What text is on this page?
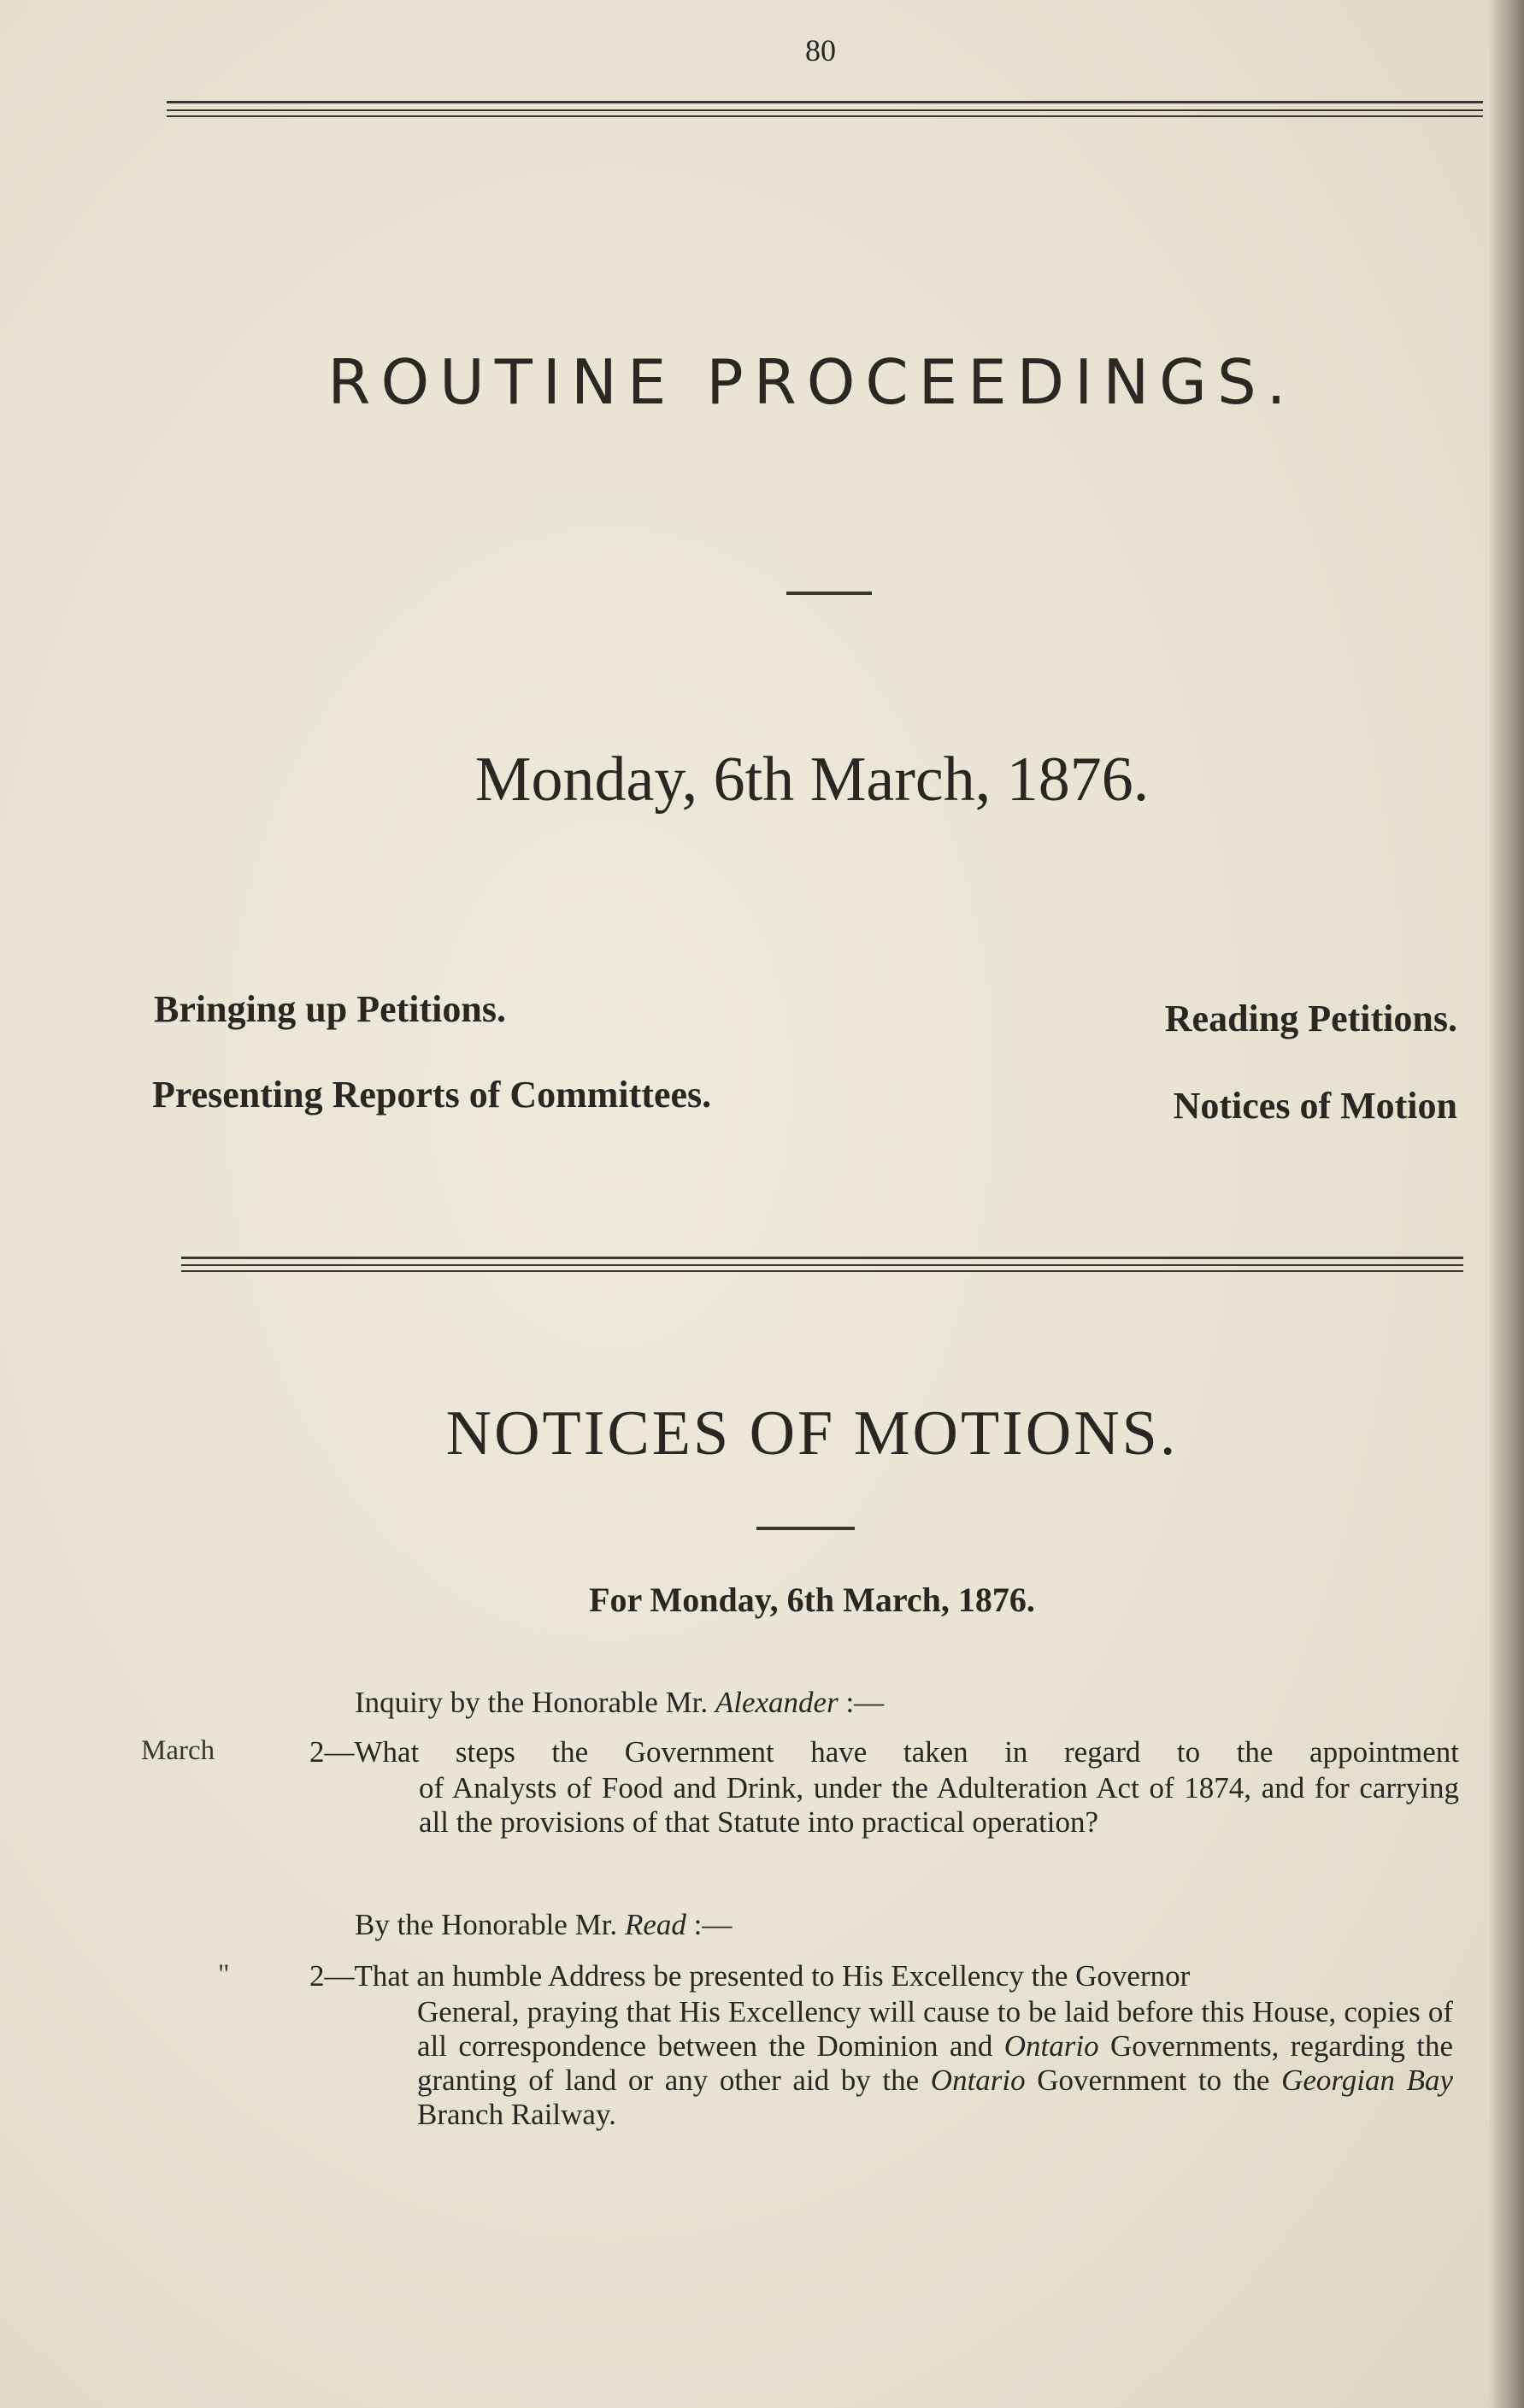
80
ROUTINE PROCEEDINGS.
Monday, 6th March, 1876.
Bringing up Petitions.	Reading Petitions.
Presenting Reports of Committees.	Notices of Motion
NOTICES OF MOTIONS.
For Monday, 6th March, 1876.
Inquiry by the Honorable Mr. Alexander :—
March	2—What steps the Government have taken in regard to the appointment
of Analysts of Food and Drink, under the Adulteration Act of 1874, and for carrying all the provisions of that Statute into practical operation?
By the Honorable Mr. Read :—
"	2—That an humble Address be presented to His Excellency the Governor
General, praying that His Excellency will cause to be laid before this House, copies of all correspondence between the Dominion and Ontario Governments, regarding the granting of land or any other aid by the Ontario Government to the Georgian Bay Branch Railway.
